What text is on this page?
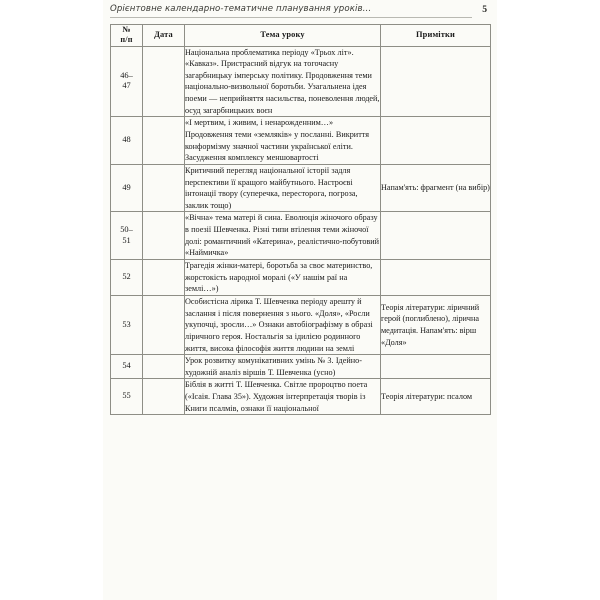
Орієнтовне календарно-тематичне планування уроків…	5
№
п/п	Дата	Тема уроку	Примітки
46–
47		Національна проблематика періоду «Трьох літ». «Кавказ». Пристрасний відгук на тогочасну загарбницьку імперську політику. Продовження теми національно-визвольної боротьби. Узагальнена ідея поеми — неприйняття насильства, поневолення людей, осуд загарбницьких воєн	

48		«І мертвим, і живим, і ненарожденним…» Продовження теми «землякiв» у посланні. Викриття конформізму значної частини української еліти. Засудження комплексу меншовартості	

49		Критичний перегляд національної історії задля перспективи її кращого майбутнього. Настроєві інтонації твору (суперечка, пересторога, погроза, заклик тощо)	Напам'ять: фрагмент (на вибір)

50–
51		«Вічна» тема матері й сина. Еволюція жіночого образу в поезії Шевченка. Різні типи втілення теми жіночої долі: романтичний «Катерина», реалістично-побутовий «Наймичка»	

52		Трагедія жінки-матері, боротьба за своє материнство, жорстокість народної моралі («У нашім раї на землі…»)	

53		Особистісна лірика Т. Шевченка періоду арешту й заслання і після повернення з нього. «Доля», «Росли укупочці, зросли…» Ознаки автобіографізму в образі ліричного героя. Ностальгія за ідилією родинного життя, висока філософія життя людини на землі	Теорія літератури: ліричний герой (поглиблено), лірична медитація. Напам'ять: вірш «Доля»

54		Урок розвитку комунікативних умінь № 3. Ідейно-художній аналіз віршів Т. Шевченка (усно)	

55		Біблія в житті Т. Шевченка. Світле пророцтво поета («Ісаія. Глава 35»). Художня інтерпретація творів із Книги псалмів, ознаки її національної	Теорія літератури: псалом
